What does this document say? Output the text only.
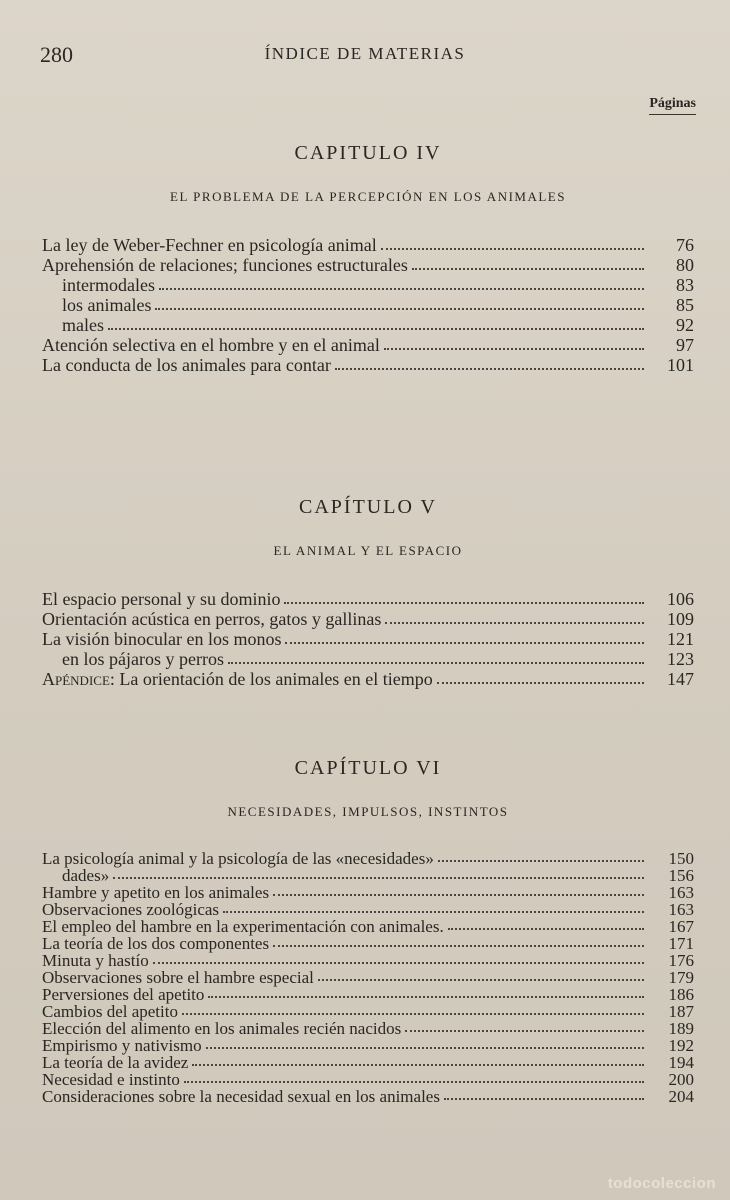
280	ÍNDICE DE MATERIAS
Páginas
CAPITULO IV
EL PROBLEMA DE LA PERCEPCIÓN EN LOS ANIMALES
La ley de Weber-Fechner en psicología animal	76
Aprehensión de relaciones; funciones estructurales	80
intermodales	83
los animales	85
males	92
Atención selectiva en el hombre y en el animal	97
La conducta de los animales para contar	101
CAPÍTULO V
EL ANIMAL Y EL ESPACIO
El espacio personal y su dominio	106
Orientación acústica en perros, gatos y gallinas	109
La visión binocular en los monos	121
en los pájaros y perros	123
Apéndice: La orientación de los animales en el tiempo	147
CAPÍTULO VI
NECESIDADES, IMPULSOS, INSTINTOS
La psicología animal y la psicología de las «necesidades»	150
dades»	156
Hambre y apetito en los animales	163
Observaciones zoológicas	163
El empleo del hambre en la experimentación con animales.	167
La teoría de los dos componentes	171
Minuta y hastío	176
Observaciones sobre el hambre especial	179
Perversiones del apetito	186
Cambios del apetito	187
Elección del alimento en los animales recién nacidos	189
Empirismo y nativismo	192
La teoría de la avidez	194
Necesidad e instinto	200
Consideraciones sobre la necesidad sexual en los animales	204
todocoleccion
